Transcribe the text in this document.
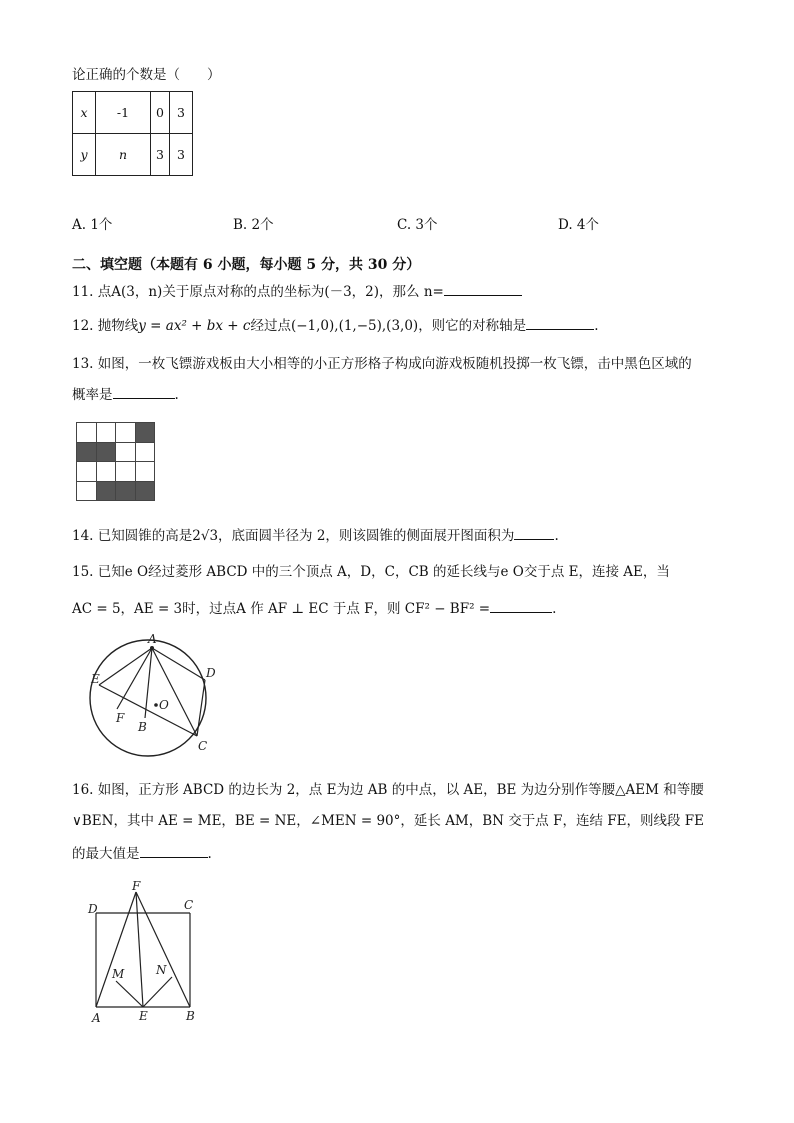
论正确的个数是（　　）
x	-1	0	3
y	n	3	3
A. 1个	B. 2个	C. 3个	D. 4个
二、填空题（本题有 6 小题，每小题 5 分，共 30 分）
11. 点A(3，n)关于原点对称的点的坐标为(－3，2)，那么 n=
12. 抛物线y = ax² + bx + c经过点(−1,0),(1,−5),(3,0)，则它的对称轴是	.
13. 如图，一枚飞镖游戏板由大小相等的小正方形格子构成向游戏板随机投掷一枚飞镖，击中黑色区域的
概率是	.
14. 已知圆锥的高是2√3，底面圆半径为 2，则该圆锥的侧面展开图面积为	.
15. 已知e O经过菱形 ABCD 中的三个顶点 A，D，C，CB 的延长线与e O交于点 E，连接 AE，当
AC = 5，AE = 3时，过点A 作 AF ⊥ EC 于点 F，则 CF² − BF² =	.
A
D
E
F
B
O
C
16. 如图，正方形 ABCD 的边长为 2，点 E为边 AB 的中点，以 AE，BE 为边分别作等腰△AEM 和等腰
∨BEN，其中 AE = ME，BE = NE，∠MEN = 90°，延长 AM，BN 交于点 F，连结 FE，则线段 FE
的最大值是	.
F
D	C
M	N
A	E	B
